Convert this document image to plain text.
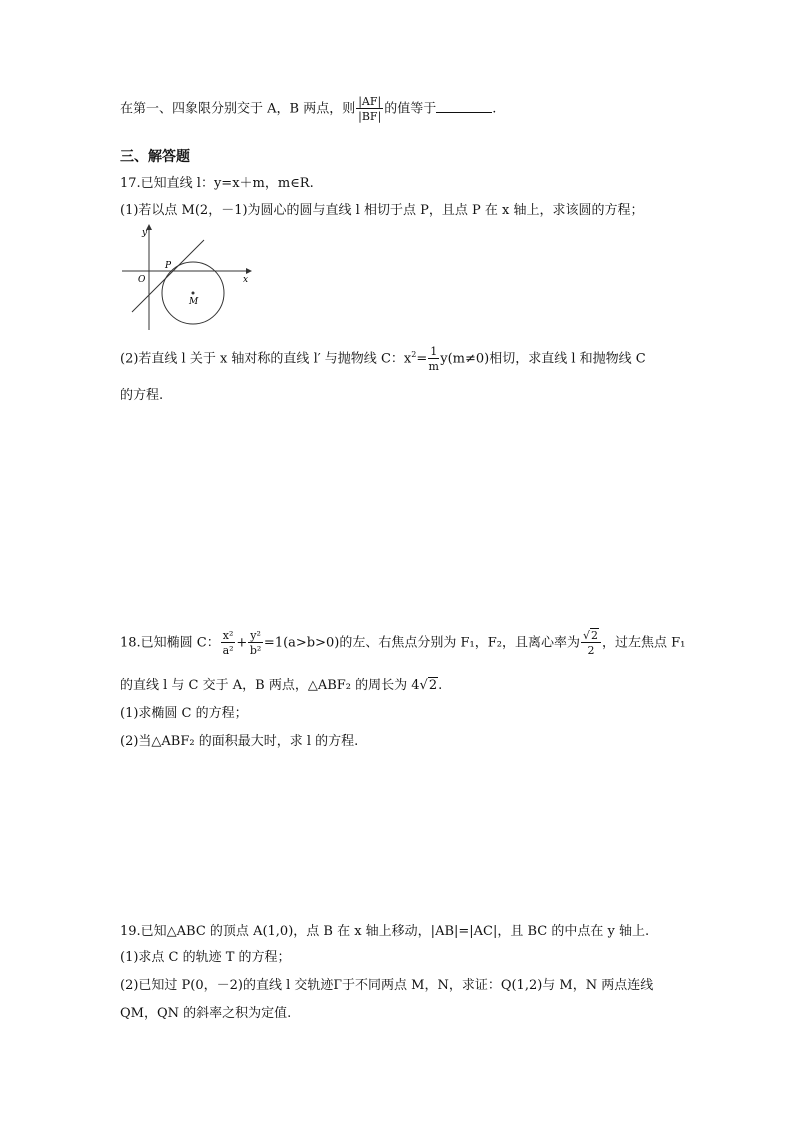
在第一、四象限分别交于 A，B 两点，则 $\frac{|AF|}{|BF|}$ 的值等于	.
三、解答题
17.已知直线 l：y=x＋m，m∈R.
(1)若以点 M(2，－1)为圆心的圆与直线 l 相切于点 P，且点 P 在 x 轴上，求该圆的方程；
y
x
O
P
M
(2)若直线 l 关于 x 轴对称的直线 l′ 与抛物线 C：$x^2= \frac{1}{m} y(m\ne 0)$相切，求直线 l 和抛物线 C
的方程.
18.已知椭圆 C： $\frac{\text{x²}}{\text{a²}} + \frac{\text{y²}}{\text{b²}} =1(a>b>0)$的左、右焦点分别为 F₁，F₂，且离心率为 $\frac{√2}{2}$ ，过左焦点 F₁
的直线 l 与 C 交于 A，B 两点，△ABF₂ 的周长为 4√2.
(1)求椭圆 C 的方程；
(2)当△ABF₂ 的面积最大时，求 l 的方程.
19.已知△ABC 的顶点 A(1,0)，点 B 在 x 轴上移动，|AB|=|AC|，且 BC 的中点在 y 轴上.
(1)求点 C 的轨迹 T 的方程；
(2)已知过 P(0，－2)的直线 l 交轨迹Г于不同两点 M，N，求证：Q(1,2)与 M，N 两点连线
QM，QN 的斜率之积为定值.
